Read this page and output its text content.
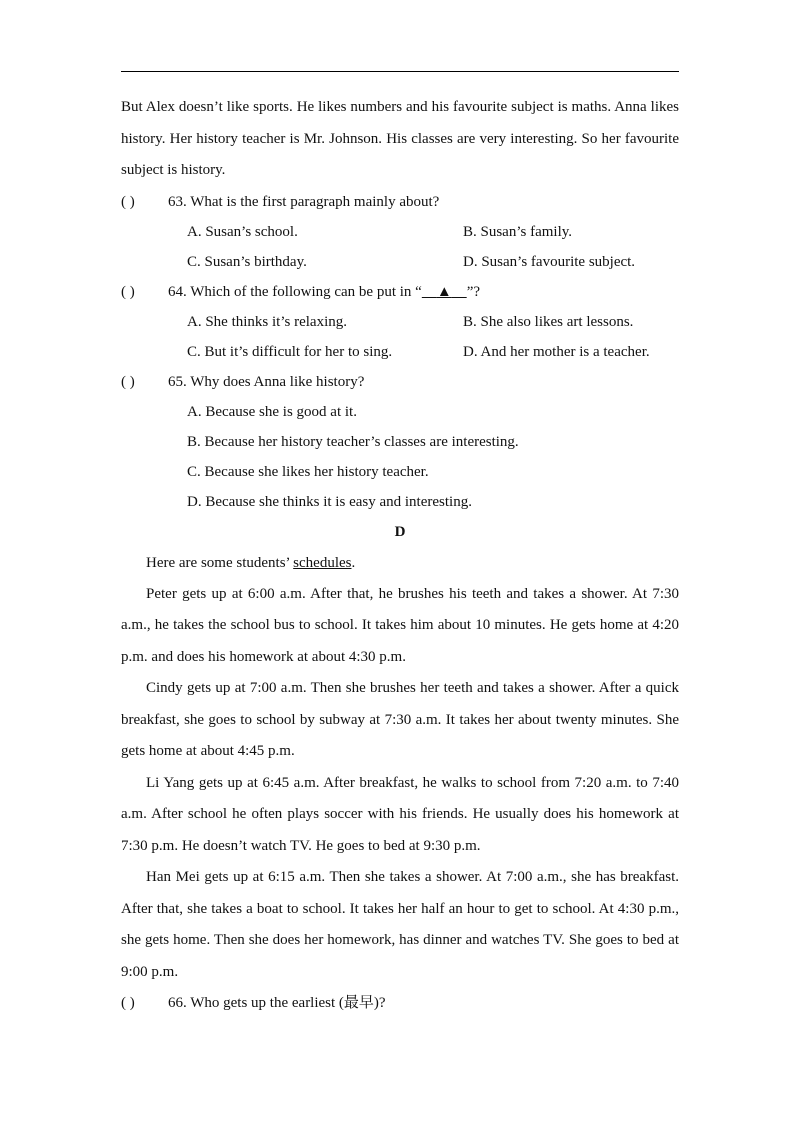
But Alex doesn’t like sports. He likes numbers and his favourite subject is maths. Anna likes history. Her history teacher is Mr. Johnson. His classes are very interesting. So her favourite subject is history.

( ) 63. What is the first paragraph mainly about?
A. Susan’s school.	B. Susan’s family.
C. Susan’s birthday.	D. Susan’s favourite subject.
( ) 64. Which of the following can be put in “   ▲   ”?
A. She thinks it’s relaxing.	B. She also likes art lessons.
C. But it’s difficult for her to sing.	D. And her mother is a teacher.
( ) 65. Why does Anna like history?
A. Because she is good at it.
B. Because her history teacher’s classes are interesting.
C. Because she likes her history teacher.
D. Because she thinks it is easy and interesting.
D
Here are some students’ schedules.

Peter gets up at 6:00 a.m. After that, he brushes his teeth and takes a shower. At 7:30 a.m., he takes the school bus to school. It takes him about 10 minutes. He gets home at 4:20 p.m. and does his homework at about 4:30 p.m.

Cindy gets up at 7:00 a.m. Then she brushes her teeth and takes a shower. After a quick breakfast, she goes to school by subway at 7:30 a.m. It takes her about twenty minutes. She gets home at about 4:45 p.m.

Li Yang gets up at 6:45 a.m. After breakfast, he walks to school from 7:20 a.m. to 7:40 a.m. After school he often plays soccer with his friends. He usually does his homework at 7:30 p.m. He doesn’t watch TV. He goes to bed at 9:30 p.m.

Han Mei gets up at 6:15 a.m. Then she takes a shower. At 7:00 a.m., she has breakfast. After that, she takes a boat to school. It takes her half an hour to get to school. At 4:30 p.m., she gets home. Then she does her homework, has dinner and watches TV. She goes to bed at 9:00 p.m.

( ) 66. Who gets up the earliest (最早)?
